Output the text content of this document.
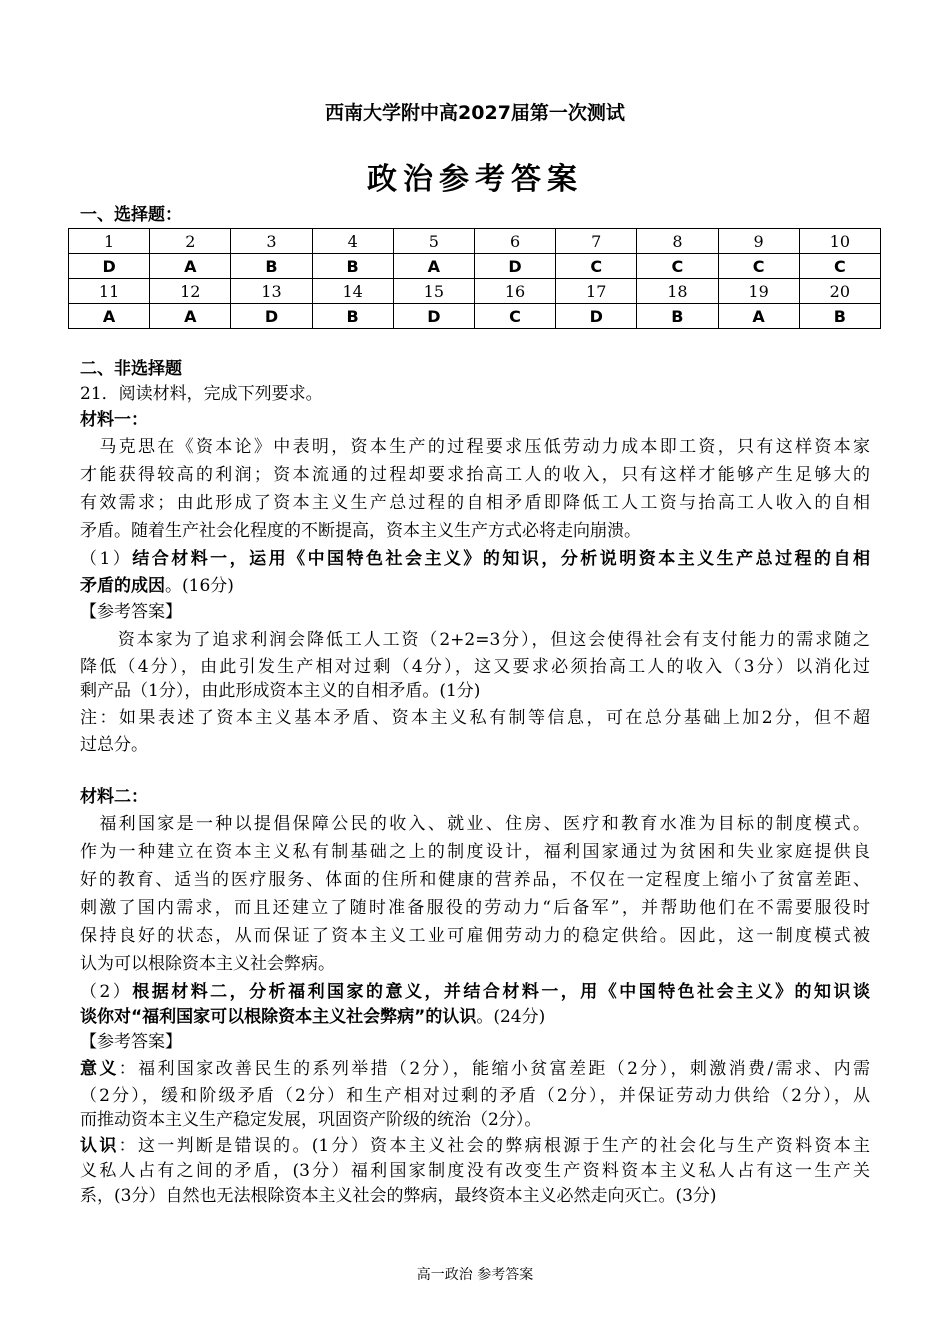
西南大学附中高2027届第一次测试
政治参考答案
一、选择题：
1	2	3	4	5	6	7	8	9	10
D	A	B	B	A	D	C	C	C	C
11	12	13	14	15	16	17	18	19	20
A	A	D	B	D	C	D	B	A	B
二、非选择题
21．阅读材料，完成下列要求。
材料一：
　马克思在《资本论》中表明，资本生产的过程要求压低劳动力成本即工资，只有这样资本家
才能获得较高的利润；资本流通的过程却要求抬高工人的收入，只有这样才能够产生足够大的
有效需求；由此形成了资本主义生产总过程的自相矛盾即降低工人工资与抬高工人收入的自相
矛盾。随着生产社会化程度的不断提高，资本主义生产方式必将走向崩溃。
（1）结合材料一，运用《中国特色社会主义》的知识，分析说明资本主义生产总过程的自相
矛盾的成因。(16分)
【参考答案】
　　资本家为了追求利润会降低工人工资（2+2=3分），但这会使得社会有支付能力的需求随之
降低（4分），由此引发生产相对过剩（4分），这又要求必须抬高工人的收入（3分）以消化过
剩产品（1分），由此形成资本主义的自相矛盾。(1分)
注：如果表述了资本主义基本矛盾、资本主义私有制等信息，可在总分基础上加2分，但不超
过总分。
材料二：
　福利国家是一种以提倡保障公民的收入、就业、住房、医疗和教育水准为目标的制度模式。
作为一种建立在资本主义私有制基础之上的制度设计，福利国家通过为贫困和失业家庭提供良
好的教育、适当的医疗服务、体面的住所和健康的营养品，不仅在一定程度上缩小了贫富差距、
刺激了国内需求，而且还建立了随时准备服役的劳动力“后备军”，并帮助他们在不需要服役时
保持良好的状态，从而保证了资本主义工业可雇佣劳动力的稳定供给。因此，这一制度模式被
认为可以根除资本主义社会弊病。
（2）根据材料二，分析福利国家的意义，并结合材料一，用《中国特色社会主义》的知识谈
谈你对“福利国家可以根除资本主义社会弊病”的认识。(24分)
【参考答案】
意义：福利国家改善民生的系列举措（2分），能缩小贫富差距（2分），刺激消费/需求、内需
（2分），缓和阶级矛盾（2分）和生产相对过剩的矛盾（2分），并保证劳动力供给（2分），从
而推动资本主义生产稳定发展，巩固资产阶级的统治（2分）。
认识：这一判断是错误的。(1分）资本主义社会的弊病根源于生产的社会化与生产资料资本主
义私人占有之间的矛盾，(3分）福利国家制度没有改变生产资料资本主义私人占有这一生产关
系，(3分）自然也无法根除资本主义社会的弊病，最终资本主义必然走向灭亡。(3分)
高一政治 参考答案
